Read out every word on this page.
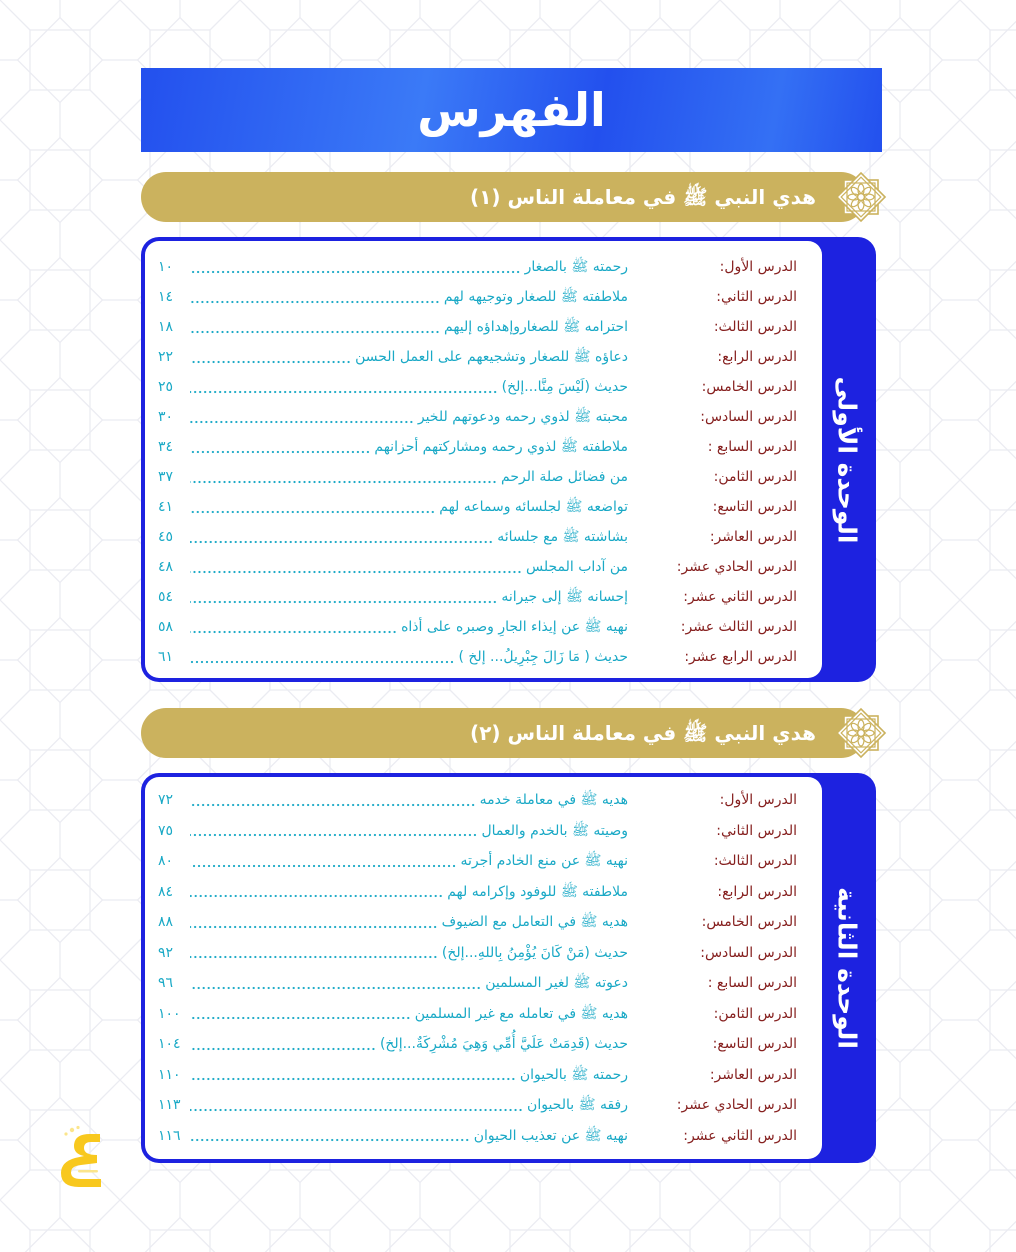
الفهرس
هدي النبي ﷺ في معاملة الناس (١)
الوحدة الأولى
الدرس الأول:
رحمته ﷺ بالصغار
١٠
الدرس الثاني:
ملاطفته ﷺ للصغار وتوجيهه لهم
١٤
الدرس الثالث:
احترامه ﷺ للصغاروإهداؤه إليهم
١٨
الدرس الرابع:
دعاؤه ﷺ للصغار وتشجيعهم على العمل الحسن
٢٢
الدرس الخامس:
حديث (لَيْسَ مِنَّا...إلخ)
٢٥
الدرس السادس:
محبته ﷺ لذوي رحمه ودعوتهم للخير
٣٠
الدرس السابع :
ملاطفته ﷺ لذوي رحمه ومشاركتهم أحزانهم
٣٤
الدرس الثامن:
من فضائل صلة الرحم
٣٧
الدرس التاسع:
تواضعه ﷺ لجلسائه وسماعه لهم
٤١
الدرس العاشر:
بشاشته ﷺ مع جلسائه
٤٥
الدرس الحادي عشر:
من آداب المجلس
٤٨
الدرس الثاني عشر:
إحسانه ﷺ إلى جيرانه
٥٤
الدرس الثالث عشر:
نهيه ﷺ عن إيذاء الجارِ وصبره على أذاه
٥٨
الدرس الرابع عشر:
حديث ( مَا زَالَ جِبْرِيلُ... إلخ )
٦١
هدي النبي ﷺ في معاملة الناس (٢)
الوحدة الثانية
الدرس الأول:
هديه ﷺ في معاملة خدمه
٧٢
الدرس الثاني:
وصيته ﷺ بالخدم والعمال
٧٥
الدرس الثالث:
نهيه ﷺ عن منع الخادم أجرته
٨٠
الدرس الرابع:
ملاطفته ﷺ للوفود وإكرامه لهم
٨٤
الدرس الخامس:
هديه ﷺ في التعامل مع الضيوف
٨٨
الدرس السادس:
حديث (مَنْ كَانَ يُؤْمِنُ بِاللهِ...إلخ)
٩٢
الدرس السابع :
دعوته ﷺ لغير المسلمين
٩٦
الدرس الثامن:
هديه ﷺ في تعامله مع غير المسلمين
١٠٠
الدرس التاسع:
حديث (قَدِمَتْ عَلَيَّ أُمِّي وَهِيَ مُشْرِكَةٌ...إلخ)
١٠٤
الدرس العاشر:
رحمته ﷺ بالحيوان
١١٠
الدرس الحادي عشر:
رفقه ﷺ بالحيوان
١١٣
الدرس الثاني عشر:
نهيه ﷺ عن تعذيب الحيوان
١١٦
